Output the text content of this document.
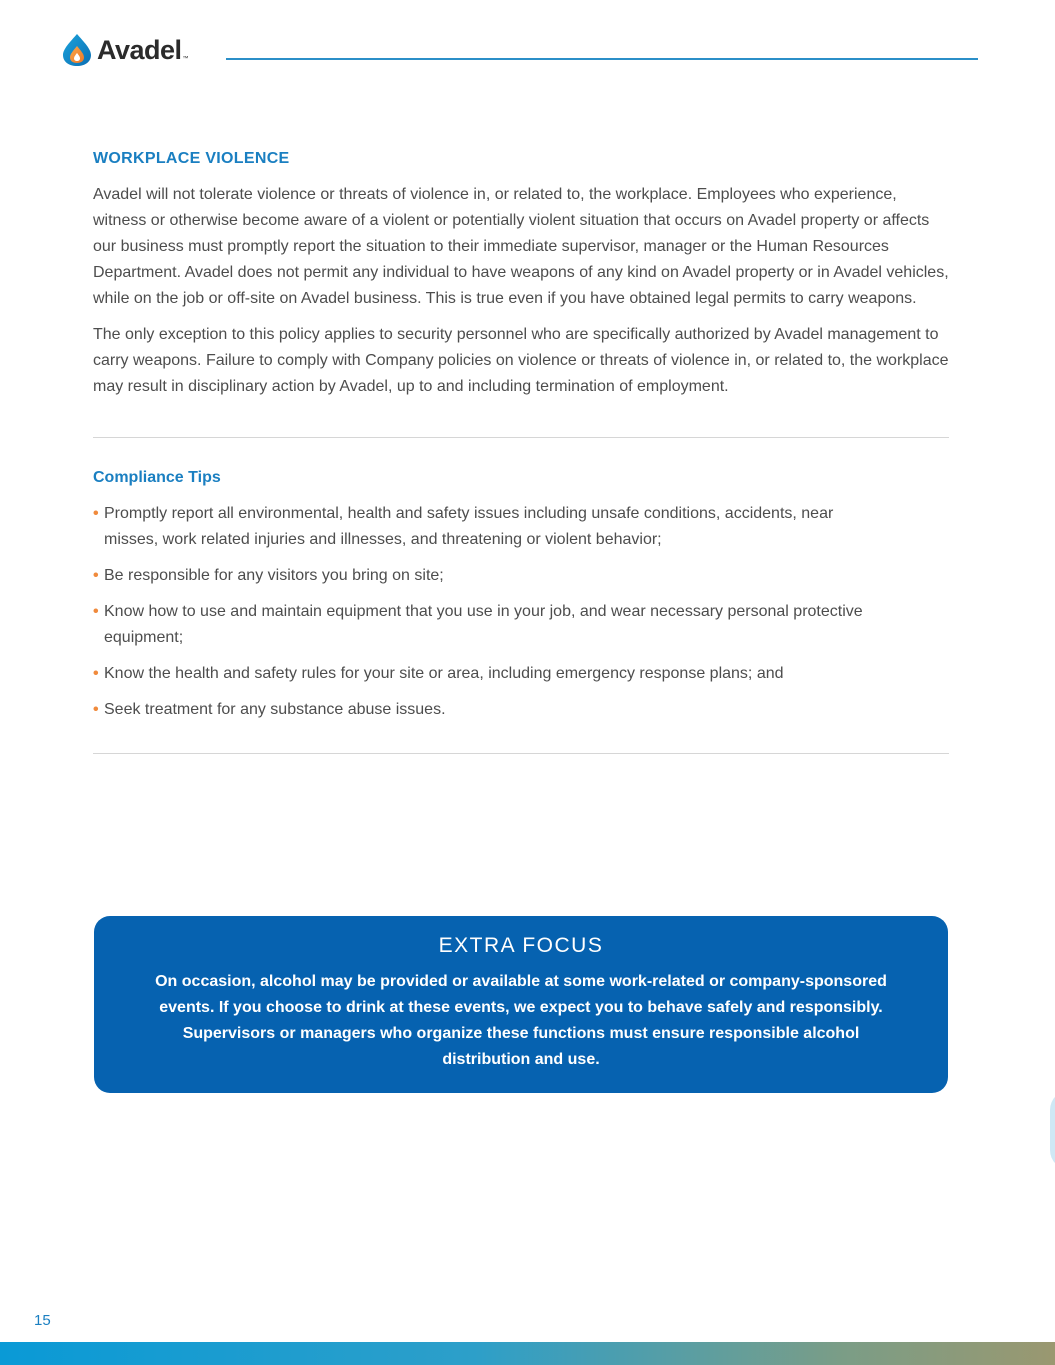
Avadel ™
WORKPLACE VIOLENCE

Avadel will not tolerate violence or threats of violence in, or related to, the workplace. Employees who experience, witness or otherwise become aware of a violent or potentially violent situation that occurs on Avadel property or affects our business must promptly report the situation to their immediate supervisor, manager or the Human Resources Department. Avadel does not permit any individual to have weapons of any kind on Avadel property or in Avadel vehicles, while on the job or off-site on Avadel business. This is true even if you have obtained legal permits to carry weapons.

The only exception to this policy applies to security personnel who are specifically authorized by Avadel management to carry weapons. Failure to comply with Company policies on violence or threats of violence in, or related to, the workplace may result in disciplinary action by Avadel, up to and including termination of employment.

Compliance Tips
• Promptly report all environmental, health and safety issues including unsafe conditions, accidents, near misses, work related injuries and illnesses, and threatening or violent behavior;
• Be responsible for any visitors you bring on site;
• Know how to use and maintain equipment that you use in your job, and wear necessary personal protective equipment;
• Know the health and safety rules for your site or area, including emergency response plans; and
• Seek treatment for any substance abuse issues.
EXTRA FOCUS
On occasion, alcohol may be provided or available at some work-related or company-sponsored events. If you choose to drink at these events, we expect you to behave safely and responsibly. Supervisors or managers who organize these functions must ensure responsible alcohol distribution and use.
15
